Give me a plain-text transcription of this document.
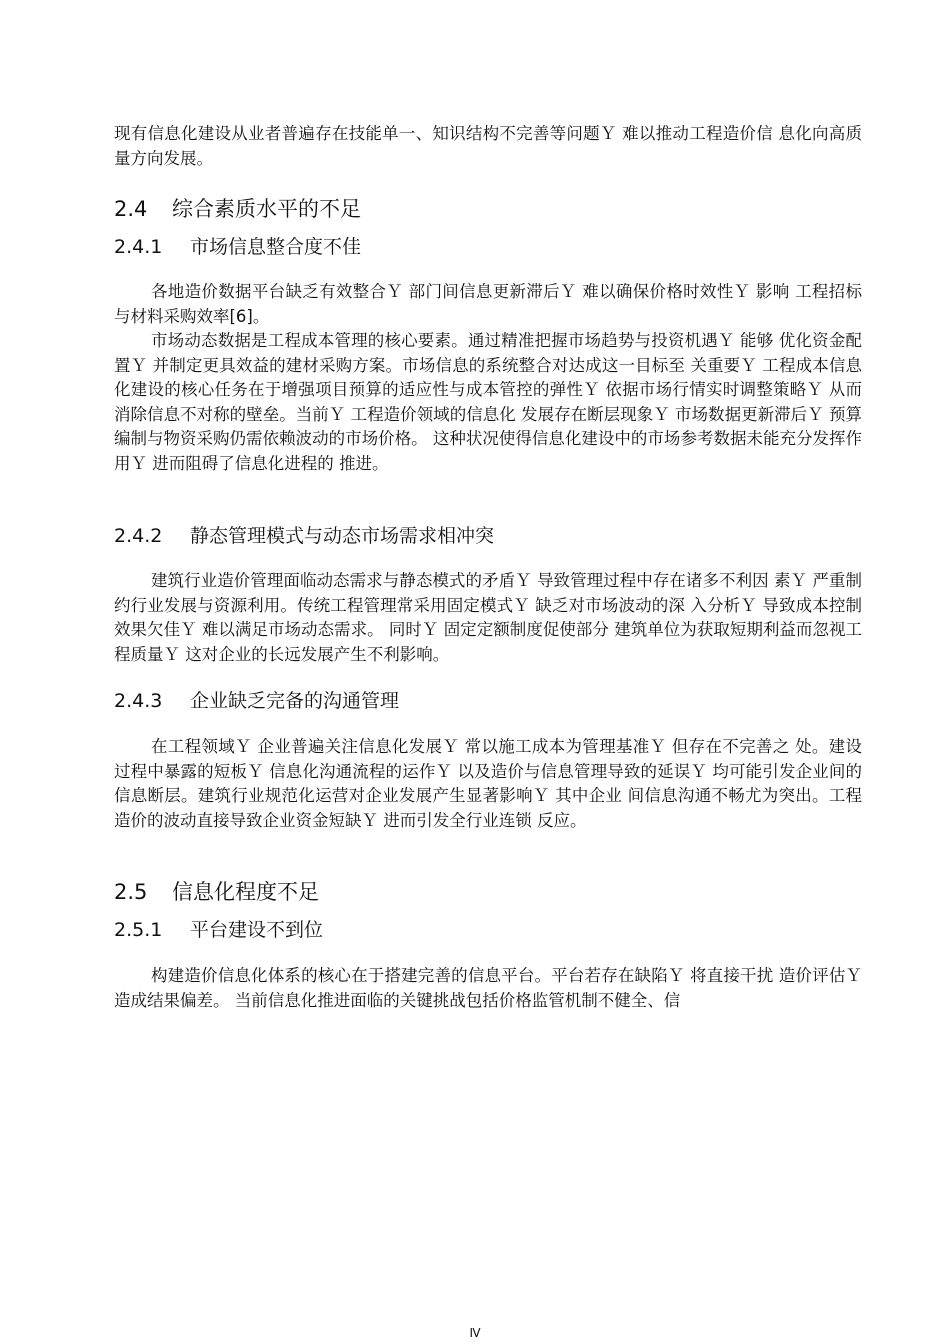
现有信息化建设从业者普遍存在技能单一、知识结构不完善等问题Ｙ 难以推动工程造价信 息化向高质量方向发展。

2.4 综合素质水平的不足
2.4.1 市场信息整合度不佳

各地造价数据平台缺乏有效整合Ｙ 部门间信息更新滞后Ｙ 难以确保价格时效性Ｙ 影响 工程招标与材料采购效率[6]。

市场动态数据是工程成本管理的核心要素。通过精准把握市场趋势与投资机遇Ｙ 能够 优化资金配置Ｙ 并制定更具效益的建材采购方案。市场信息的系统整合对达成这一目标至 关重要Ｙ 工程成本信息化建设的核心任务在于增强项目预算的适应性与成本管控的弹性Ｙ 依据市场行情实时调整策略Ｙ 从而消除信息不对称的壁垒。当前Ｙ 工程造价领域的信息化 发展存在断层现象Ｙ 市场数据更新滞后Ｙ 预算编制与物资采购仍需依赖波动的市场价格。 这种状况使得信息化建设中的市场参考数据未能充分发挥作用Ｙ 进而阻碍了信息化进程的 推进。

2.4.2 静态管理模式与动态市场需求相冲突

建筑行业造价管理面临动态需求与静态模式的矛盾Ｙ 导致管理过程中存在诸多不利因 素Ｙ 严重制约行业发展与资源利用。传统工程管理常采用固定模式Ｙ 缺乏对市场波动的深 入分析Ｙ 导致成本控制效果欠佳Ｙ 难以满足市场动态需求。 同时Ｙ 固定定额制度促使部分 建筑单位为获取短期利益而忽视工程质量Ｙ 这对企业的长远发展产生不利影响。

2.4.3 企业缺乏完备的沟通管理

在工程领域Ｙ 企业普遍关注信息化发展Ｙ 常以施工成本为管理基准Ｙ 但存在不完善之 处。建设过程中暴露的短板Ｙ 信息化沟通流程的运作Ｙ 以及造价与信息管理导致的延误Ｙ 均可能引发企业间的信息断层。建筑行业规范化运营对企业发展产生显著影响Ｙ 其中企业 间信息沟通不畅尤为突出。工程造价的波动直接导致企业资金短缺Ｙ 进而引发全行业连锁 反应。

2.5 信息化程度不足
2.5.1 平台建设不到位

构建造价信息化体系的核心在于搭建完善的信息平台。平台若存在缺陷Ｙ 将直接干扰 造价评估Ｙ 造成结果偏差。 当前信息化推进面临的关键挑战包括价格监管机制不健全、信

Ⅳ
